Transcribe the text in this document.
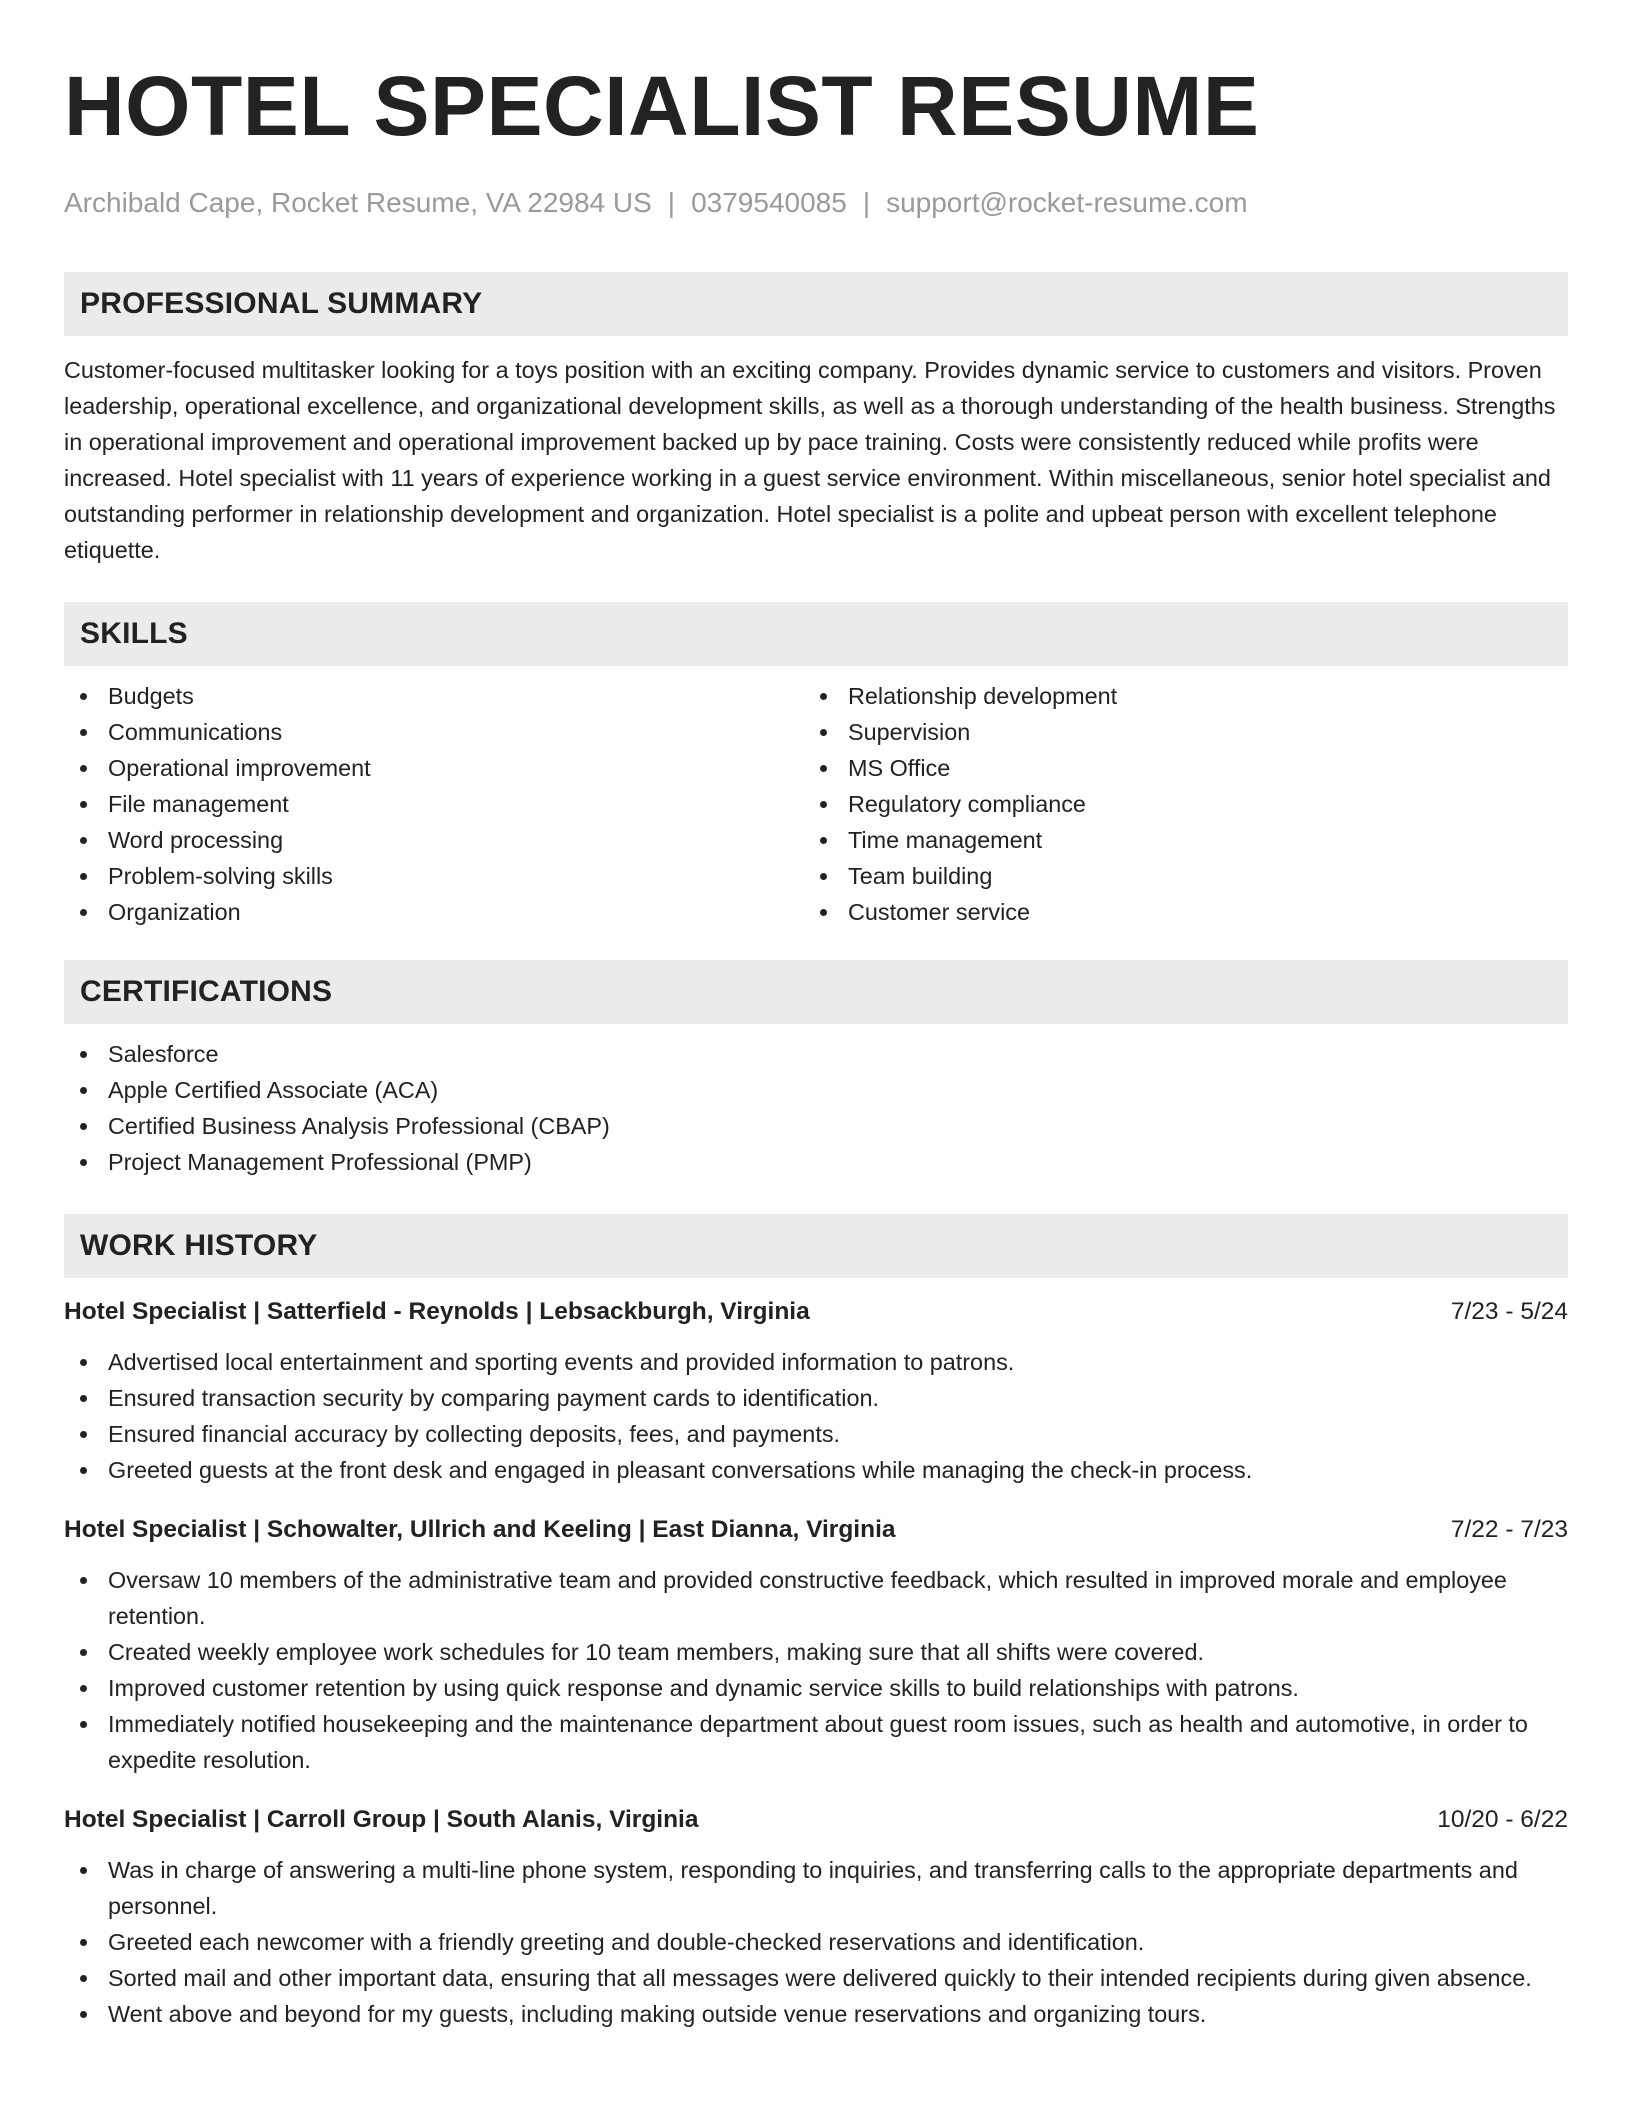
HOTEL SPECIALIST RESUME
Archibald Cape, Rocket Resume, VA 22984 US | 0379540085 | support@rocket-resume.com
PROFESSIONAL SUMMARY

Customer-focused multitasker looking for a toys position with an exciting company. Provides dynamic service to customers and visitors. Proven leadership, operational excellence, and organizational development skills, as well as a thorough understanding of the health business. Strengths in operational improvement and operational improvement backed up by pace training. Costs were consistently reduced while profits were increased. Hotel specialist with 11 years of experience working in a guest service environment. Within miscellaneous, senior hotel specialist and outstanding performer in relationship development and organization. Hotel specialist is a polite and upbeat person with excellent telephone etiquette.

SKILLS
Budgets
Communications
Operational improvement
File management
Word processing
Problem-solving skills
Organization
Relationship development
Supervision
MS Office
Regulatory compliance
Time management
Team building
Customer service
CERTIFICATIONS
Salesforce
Apple Certified Associate (ACA)
Certified Business Analysis Professional (CBAP)
Project Management Professional (PMP)
WORK HISTORY
Hotel Specialist | Satterfield - Reynolds | Lebsackburgh, Virginia	7/23 - 5/24
Advertised local entertainment and sporting events and provided information to patrons.
Ensured transaction security by comparing payment cards to identification.
Ensured financial accuracy by collecting deposits, fees, and payments.
Greeted guests at the front desk and engaged in pleasant conversations while managing the check-in process.
Hotel Specialist | Schowalter, Ullrich and Keeling | East Dianna, Virginia	7/22 - 7/23
Oversaw 10 members of the administrative team and provided constructive feedback, which resulted in improved morale and employee retention.
Created weekly employee work schedules for 10 team members, making sure that all shifts were covered.
Improved customer retention by using quick response and dynamic service skills to build relationships with patrons.
Immediately notified housekeeping and the maintenance department about guest room issues, such as health and automotive, in order to expedite resolution.
Hotel Specialist | Carroll Group | South Alanis, Virginia	10/20 - 6/22
Was in charge of answering a multi-line phone system, responding to inquiries, and transferring calls to the appropriate departments and personnel.
Greeted each newcomer with a friendly greeting and double-checked reservations and identification.
Sorted mail and other important data, ensuring that all messages were delivered quickly to their intended recipients during given absence.
Went above and beyond for my guests, including making outside venue reservations and organizing tours.
